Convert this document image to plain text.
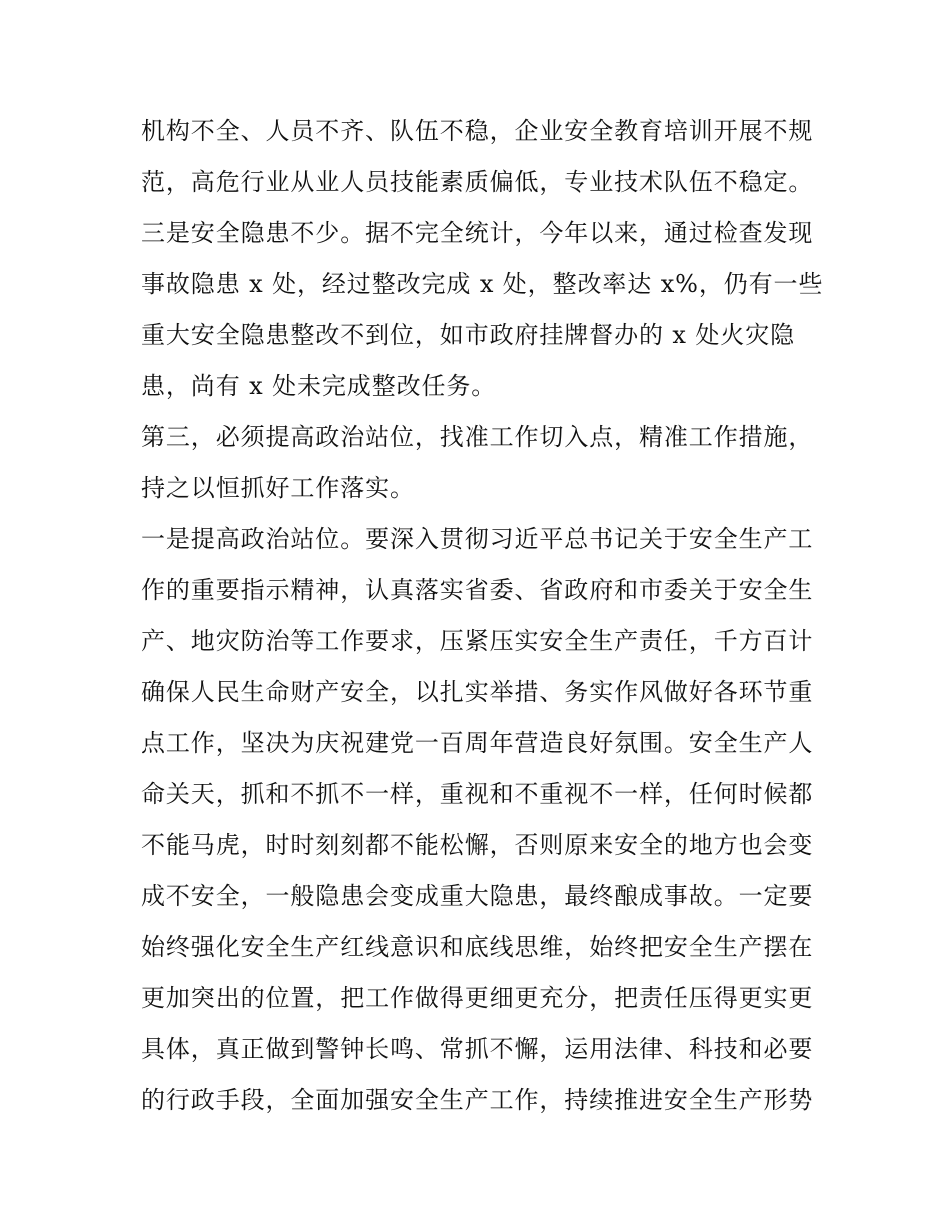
机构不全、人员不齐、队伍不稳，企业安全教育培训开展不规
范，高危行业从业人员技能素质偏低，专业技术队伍不稳定。
三是安全隐患不少。据不完全统计，今年以来，通过检查发现
事故隐患 x 处，经过整改完成 x 处，整改率达 x%，仍有一些
重大安全隐患整改不到位，如市政府挂牌督办的 x 处火灾隐
患，尚有 x 处未完成整改任务。
第三，必须提高政治站位，找准工作切入点，精准工作措施，
持之以恒抓好工作落实。
一是提高政治站位。要深入贯彻习近平总书记关于安全生产工
作的重要指示精神，认真落实省委、省政府和市委关于安全生
产、地灾防治等工作要求，压紧压实安全生产责任，千方百计
确保人民生命财产安全，以扎实举措、务实作风做好各环节重
点工作，坚决为庆祝建党一百周年营造良好氛围。安全生产人
命关天，抓和不抓不一样，重视和不重视不一样，任何时候都
不能马虎，时时刻刻都不能松懈，否则原来安全的地方也会变
成不安全，一般隐患会变成重大隐患，最终酿成事故。一定要
始终强化安全生产红线意识和底线思维，始终把安全生产摆在
更加突出的位置，把工作做得更细更充分，把责任压得更实更
具体，真正做到警钟长鸣、常抓不懈，运用法律、科技和必要
的行政手段，全面加强安全生产工作，持续推进安全生产形势
